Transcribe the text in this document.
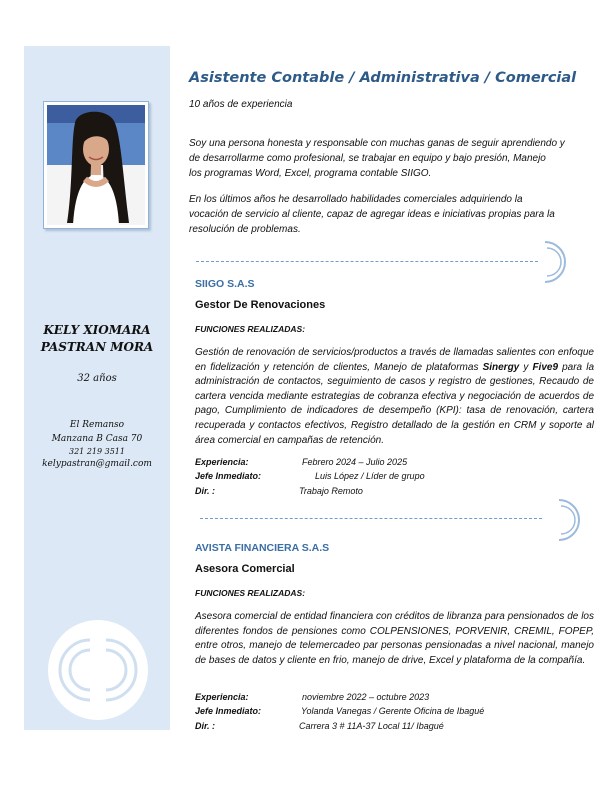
KELY XIOMARA
PASTRAN MORA
32 años
El Remanso
Manzana B Casa 70
321 219 3511
kelypastran@gmail.com
Asistente Contable / Administrativa / Comercial
10 años de experiencia
Soy una persona honesta y responsable con muchas ganas de seguir aprendiendo y
de desarrollarme como profesional, se trabajar en equipo y bajo presión, Manejo
los programas Word, Excel, programa contable SIIGO.
En los últimos años he desarrollado habilidades comerciales adquiriendo la
vocación de servicio al cliente, capaz de agregar ideas e iniciativas propias para la
resolución de problemas.
SIIGO S.A.S
Gestor De Renovaciones
FUNCIONES REALIZADAS:
Gestión de renovación de servicios/productos a través de llamadas salientes con enfoque en fidelización y retención de clientes, Manejo de plataformas Sinergy y Five9 para la administración de contactos, seguimiento de casos y registro de gestiones, Recaudo de cartera vencida mediante estrategias de cobranza efectiva y negociación de acuerdos de pago, Cumplimiento de indicadores de desempeño (KPI): tasa de renovación, cartera recuperada y contactos efectivos, Registro detallado de la gestión en CRM y soporte al área comercial en campañas de retención.
Experiencia:	Febrero 2024 – Julio 2025
Jefe Inmediato:	Luis López / Líder de grupo
Dir. :	Trabajo Remoto
AVISTA FINANCIERA S.A.S
Asesora Comercial
FUNCIONES REALIZADAS:
Asesora comercial de entidad financiera con créditos de libranza para pensionados de los diferentes fondos de pensiones como COLPENSIONES, PORVENIR, CREMIL, FOPEP, entre otros, manejo de telemercadeo par personas pensionadas a nivel nacional, manejo de bases de datos y cliente en frio, manejo de drive, Excel y plataforma de la compañía.
Experiencia:	noviembre 2022 – octubre 2023
Jefe Inmediato:	Yolanda Vanegas / Gerente Oficina de Ibagué
Dir. :	Carrera 3 # 11A-37 Local 11/ Ibagué
